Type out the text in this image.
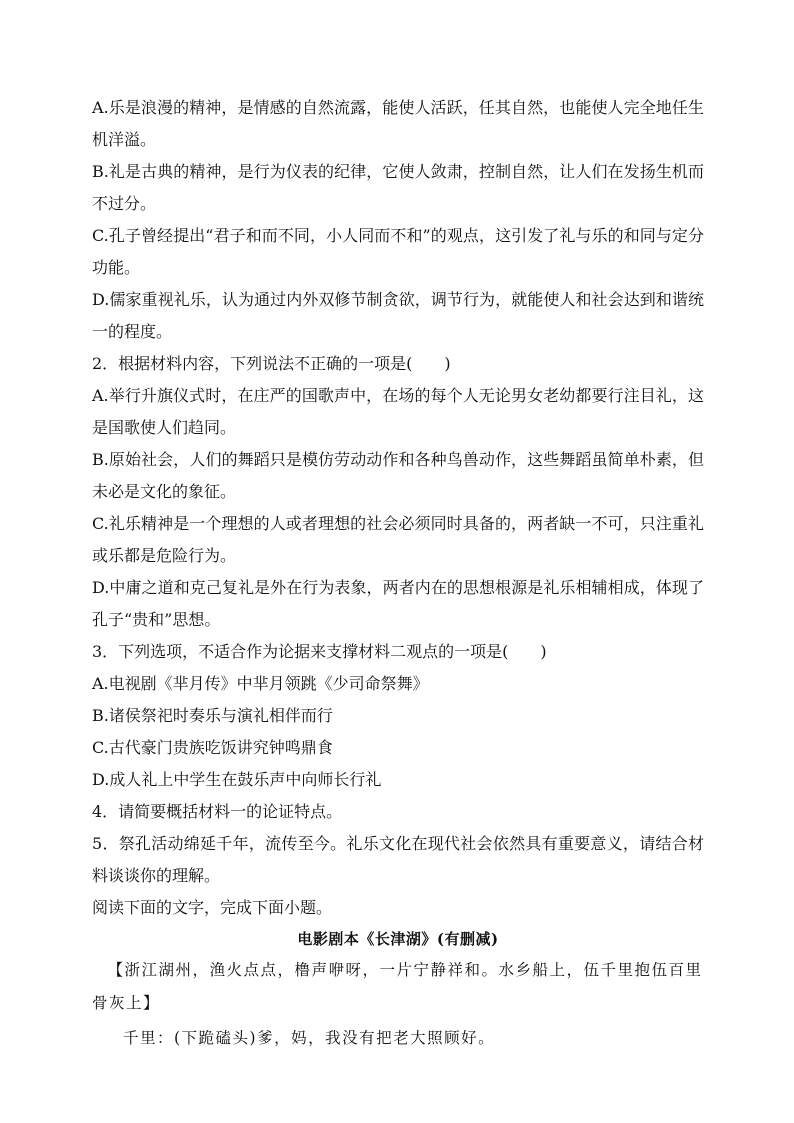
A.乐是浪漫的精神，是情感的自然流露，能使人活跃，任其自然，也能使人完全地任生机洋溢。

B.礼是古典的精神，是行为仪表的纪律，它使人敛肃，控制自然，让人们在发扬生机而不过分。

C.孔子曾经提出“君子和而不同，小人同而不和”的观点，这引发了礼与乐的和同与定分功能。

D.儒家重视礼乐，认为通过内外双修节制贪欲，调节行为，就能使人和社会达到和谐统一的程度。

2．根据材料内容，下列说法不正确的一项是(　　)

A.举行升旗仪式时，在庄严的国歌声中，在场的每个人无论男女老幼都要行注目礼，这是国歌使人们趋同。

B.原始社会，人们的舞蹈只是模仿劳动动作和各种鸟兽动作，这些舞蹈虽简单朴素，但未必是文化的象征。

C.礼乐精神是一个理想的人或者理想的社会必须同时具备的，两者缺一不可，只注重礼或乐都是危险行为。

D.中庸之道和克己复礼是外在行为表象，两者内在的思想根源是礼乐相辅相成，体现了孔子“贵和”思想。

3．下列选项，不适合作为论据来支撑材料二观点的一项是(　　)

A.电视剧《芈月传》中芈月领跳《少司命祭舞》

B.诸侯祭祀时奏乐与演礼相伴而行

C.古代豪门贵族吃饭讲究钟鸣鼎食

D.成人礼上中学生在鼓乐声中向师长行礼

4．请简要概括材料一的论证特点。

5．祭孔活动绵延千年，流传至今。礼乐文化在现代社会依然具有重要意义，请结合材料谈谈你的理解。

阅读下面的文字，完成下面小题。

电影剧本《长津湖》(有删减)

【浙江湖州，渔火点点，橹声咿呀，一片宁静祥和。水乡船上，伍千里抱伍百里骨灰上】

千里：(下跪磕头)爹，妈，我没有把老大照顾好。
